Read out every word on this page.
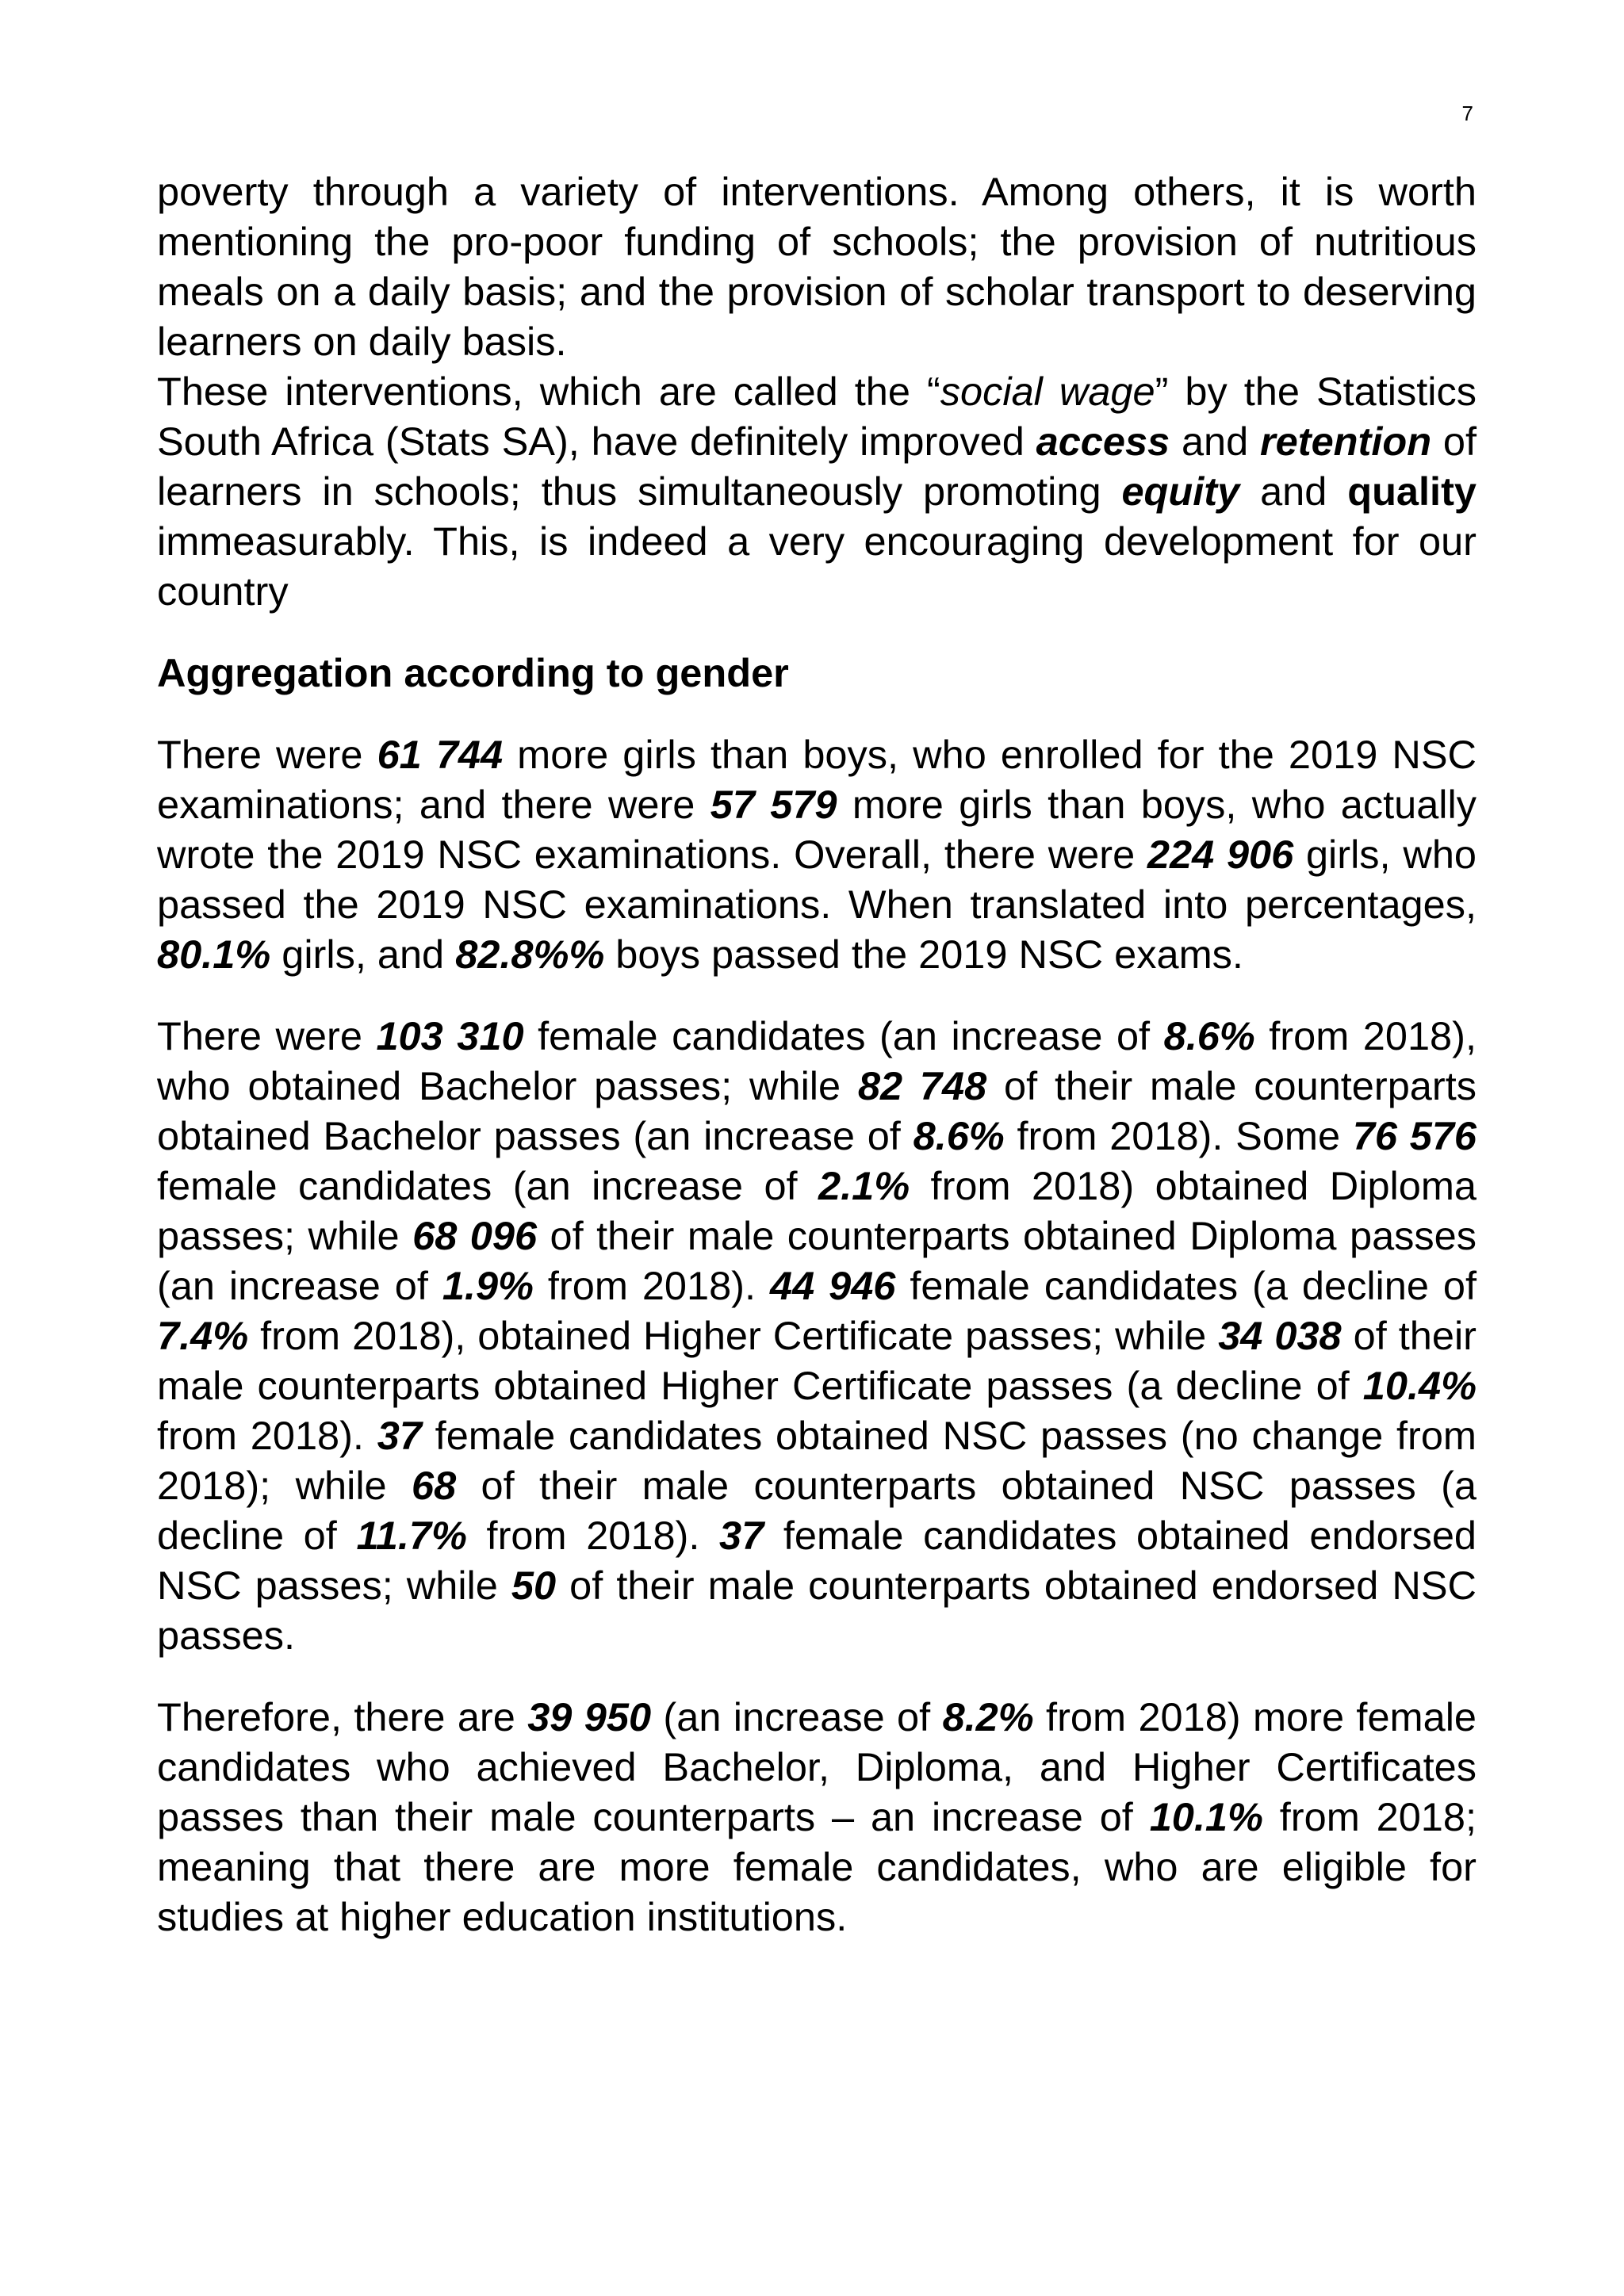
7

poverty through a variety of interventions. Among others, it is worth mentioning the pro-poor funding of schools; the provision of nutritious meals on a daily basis; and the provision of scholar transport to deserving learners on daily basis.

These interventions, which are called the “social wage” by the Statistics South Africa (Stats SA), have definitely improved access and retention of learners in schools; thus simultaneously promoting equity and quality immeasurably. This, is indeed a very encouraging development for our country

Aggregation according to gender

There were 61 744 more girls than boys, who enrolled for the 2019 NSC examinations; and there were 57 579 more girls than boys, who actually wrote the 2019 NSC examinations. Overall, there were 224 906 girls, who passed the 2019 NSC examinations. When translated into percentages, 80.1% girls, and 82.8%% boys passed the 2019 NSC exams.

There were 103 310 female candidates (an increase of 8.6% from 2018), who obtained Bachelor passes; while 82 748 of their male counterparts obtained Bachelor passes (an increase of 8.6% from 2018). Some 76 576 female candidates (an increase of 2.1% from 2018) obtained Diploma passes; while 68 096 of their male counterparts obtained Diploma passes (an increase of 1.9% from 2018). 44 946 female candidates (a decline of 7.4% from 2018), obtained Higher Certificate passes; while 34 038 of their male counterparts obtained Higher Certificate passes (a decline of 10.4% from 2018). 37 female candidates obtained NSC passes (no change from 2018); while 68 of their male counterparts obtained NSC passes (a decline of 11.7% from 2018). 37 female candidates obtained endorsed NSC passes; while 50 of their male counterparts obtained endorsed NSC passes.

Therefore, there are 39 950 (an increase of 8.2% from 2018) more female candidates who achieved Bachelor, Diploma, and Higher Certificates passes than their male counterparts – an increase of 10.1% from 2018; meaning that there are more female candidates, who are eligible for studies at higher education institutions.
